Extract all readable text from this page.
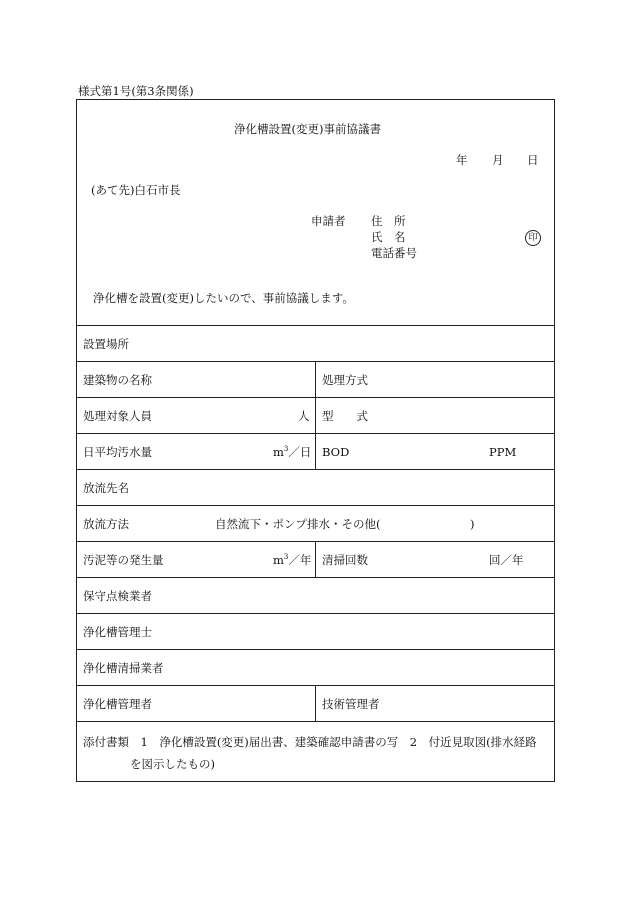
様式第1号(第3条関係)
浄化槽設置(変更)事前協議書
年 月 日
(あて先)白石市長
申請者 住　所
氏　名	印
電話番号
浄化槽を設置(変更)したいので、事前協議します。
設置場所
建築物の名称	処理方式
処理対象人員	人 型　　式
日平均汚水量	$m^3/$日 BOD	PPM
放流先名
放流方法	自然流下・ポンプ排水・その他(	)
汚泥等の発生量	$m^3/$年 清掃回数	回／年
保守点検業者
浄化槽管理士
浄化槽清掃業者
浄化槽管理者	技術管理者
添付書類　1　浄化槽設置(変更)届出書、建築確認申請書の写　2　付近見取図(排水経路
を図示したもの)
